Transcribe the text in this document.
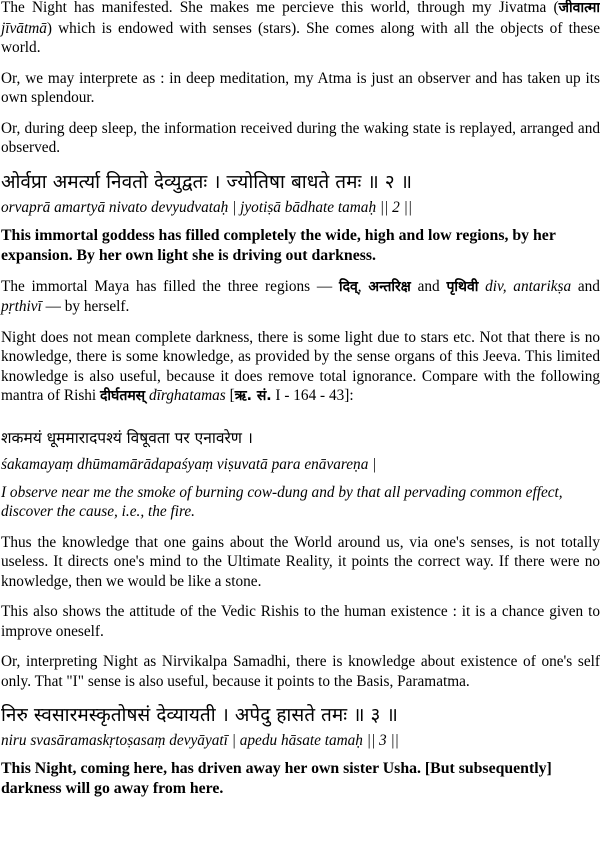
The Night has manifested. She makes me percieve this world, through my Jivatma (जीवात्मा jīvātmā) which is endowed with senses (stars). She comes along with all the objects of these world.

Or, we may interprete as : in deep meditation, my Atma is just an observer and has taken up its own splendour.

Or, during deep sleep, the information received during the waking state is replayed, arranged and observed.

ओर्वप्रा अमर्त्या निवतो देव्युद्वतः । ज्योतिषा बाधते तमः ॥ २ ॥

orvaprā amartyā nivato devyudvataḥ | jyotiṣā bādhate tamaḥ || 2 ||

This immortal goddess has filled completely the wide, high and low regions, by her expansion. By her own light she is driving out darkness.

The immortal Maya has filled the three regions — दिव्, अन्तरिक्ष and पृथिवी div, antarikṣa and pṛthivī — by herself.

Night does not mean complete darkness, there is some light due to stars etc. Not that there is no knowledge, there is some knowledge, as provided by the sense organs of this Jeeva. This limited knowledge is also useful, because it does remove total ignorance. Compare with the following mantra of Rishi दीर्घतमस् dīrghatamas [ऋ. सं. I - 164 - 43]:

शकमयं धूममारादपश्यं विषूवता पर एनावरेण ।

śakamayaṃ dhūmamārādapaśyaṃ viṣuvatā para enāvareṇa |

I observe near me the smoke of burning cow-dung and by that all pervading common effect, discover the cause, i.e., the fire.

Thus the knowledge that one gains about the World around us, via one's senses, is not totally useless. It directs one's mind to the Ultimate Reality, it points the correct way. If there were no knowledge, then we would be like a stone.

This also shows the attitude of the Vedic Rishis to the human existence : it is a chance given to improve oneself.

Or, interpreting Night as Nirvikalpa Samadhi, there is knowledge about existence of one's self only. That "I" sense is also useful, because it points to the Basis, Paramatma.

निरु स्वसारमस्कृतोषसं देव्यायती । अपेदु हासते तमः ॥ ३ ॥

niru svasāramaskṛtoṣasaṃ devyāyatī | apedu hāsate tamaḥ || 3 ||

This Night, coming here, has driven away her own sister Usha. [But subsequently] darkness will go away from here.
